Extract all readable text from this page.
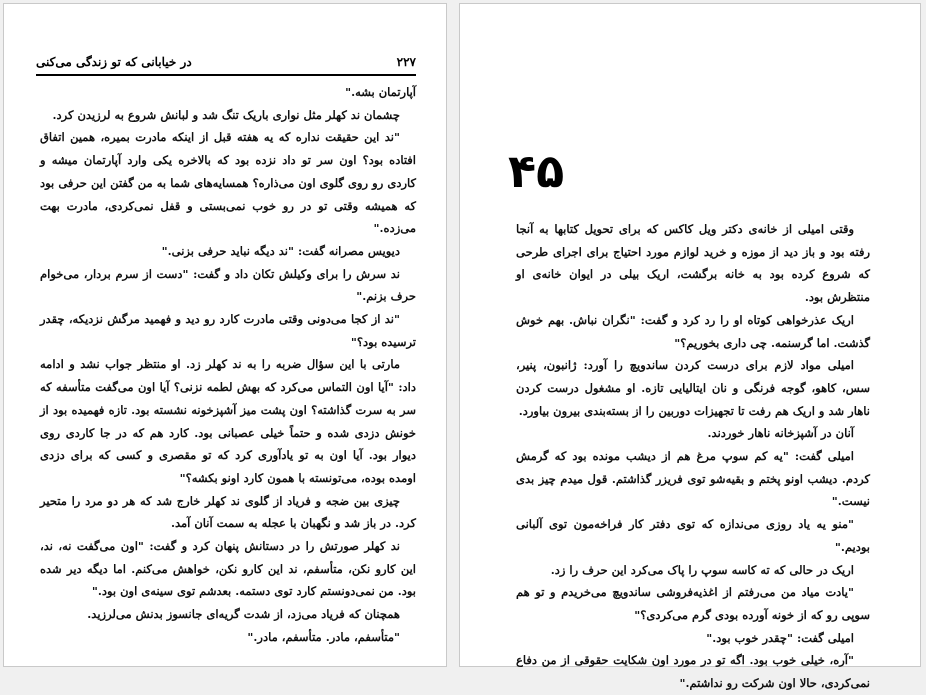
۲۲۷
در خیابانی که تو زندگی می‌کنی

آپارتمان بشه."

چشمان ند کهلر مثل نواری باریک تنگ شد و لبانش شروع به لرزیدن کرد.

"ند این حقیقت نداره که یه هفته قبل از اینکه مادرت بمیره، همین اتفاق افتاده بود؟ اون سر تو داد نزده بود که بالاخره یکی وارد آپارتمان میشه و کاردی رو روی گلوی اون می‌ذاره؟ همسایه‌های شما به من گفتن این حرفی بود که همیشه وقتی تو در رو خوب نمی‌بستی و قفل نمی‌کردی، مادرت بهت می‌زده."

دیویس مصرانه گفت: "ند دیگه نباید حرفی بزنی."

ند سرش را برای وکیلش تکان داد و گفت: "دست از سرم بردار، می‌خوام حرف بزنم."

"ند از کجا می‌دونی وقتی مادرت کارد رو دید و فهمید مرگش نزدیکه، چقدر ترسیده بود؟"

مارتی با این سؤال ضربه را به ند کهلر زد. او منتظر جواب نشد و ادامه داد: "آیا اون التماس می‌کرد که بهش لطمه نزنی؟ آیا اون می‌گفت متأسفه که سر به سرت گذاشته؟ اون پشت میز آشپزخونه نشسته بود. تازه فهمیده بود از خونش دزدی شده و حتماً خیلی عصبانی بود. کارد هم که در جا کاردی روی دیوار بود. آیا اون به تو یادآوری کرد که تو مقصری و کسی که برای دزدی اومده بوده، می‌تونسته با همون کارد اونو بکشه؟"

چیزی بین ضجه و فریاد از گلوی ند کهلر خارج شد که هر دو مرد را متحیر کرد. در باز شد و نگهبان با عجله به سمت آنان آمد.

ند کهلر صورتش را در دستانش پنهان کرد و گفت: "اون می‌گفت نه، ند، این کارو نکن، متأسفم، ند این کارو نکن، خواهش می‌کنم. اما دیگه دیر شده بود. من نمی‌دونستم کارد توی دستمه. بعدشم توی سینه‌ی اون بود."

همچنان که فریاد می‌زد، از شدت گریه‌ای جانسوز بدنش می‌لرزید.

"متأسفم، مادر. متأسفم، مادر."

۴۵

وقتی امیلی از خانه‌ی دکتر ویل کاکس که برای تحویل کتابها به آنجا رفته بود و باز دید از موزه و خرید لوازم مورد احتیاج برای اجرای طرحی که شروع کرده بود به خانه برگشت، اریک بیلی در ایوان خانه‌ی او منتظرش بود.

اریک عذرخواهی کوتاه او را رد کرد و گفت: "نگران نباش. بهم خوش گذشت. اما گرسنمه. چی داری بخوریم؟"

امیلی مواد لازم برای درست کردن ساندویچ را آورد: ژانبون، پنیر، سس، کاهو، گوجه فرنگی و نان ایتالیایی تازه. او مشغول درست کردن ناهار شد و اریک هم رفت تا تجهیزات دوربین را از بسته‌بندی بیرون بیاورد.

آنان در آشپزخانه ناهار خوردند.

امیلی گفت: "یه کم سوپ مرغ هم از دیشب مونده بود که گرمش کردم. دیشب اونو پختم و بقیه‌شو توی فریزر گذاشتم. قول میدم چیز بدی نیست."

"منو یه یاد روزی می‌ندازه که توی دفتر کار فراخه‌مون توی آلبانی بودیم."

اریک در حالی که ته کاسه سوپ را پاک می‌کرد این حرف را زد.

"یادت میاد من می‌رفتم از اغذیه‌فروشی ساندویچ می‌خریدم و تو هم سوپی رو که از خونه آورده بودی گرم می‌کردی؟"

امیلی گفت: "چقدر خوب بود."

"آره، خیلی خوب بود. اگه تو در مورد اون شکایت حقوقی از من دفاع نمی‌کردی، حالا اون شرکت رو نداشتم."
